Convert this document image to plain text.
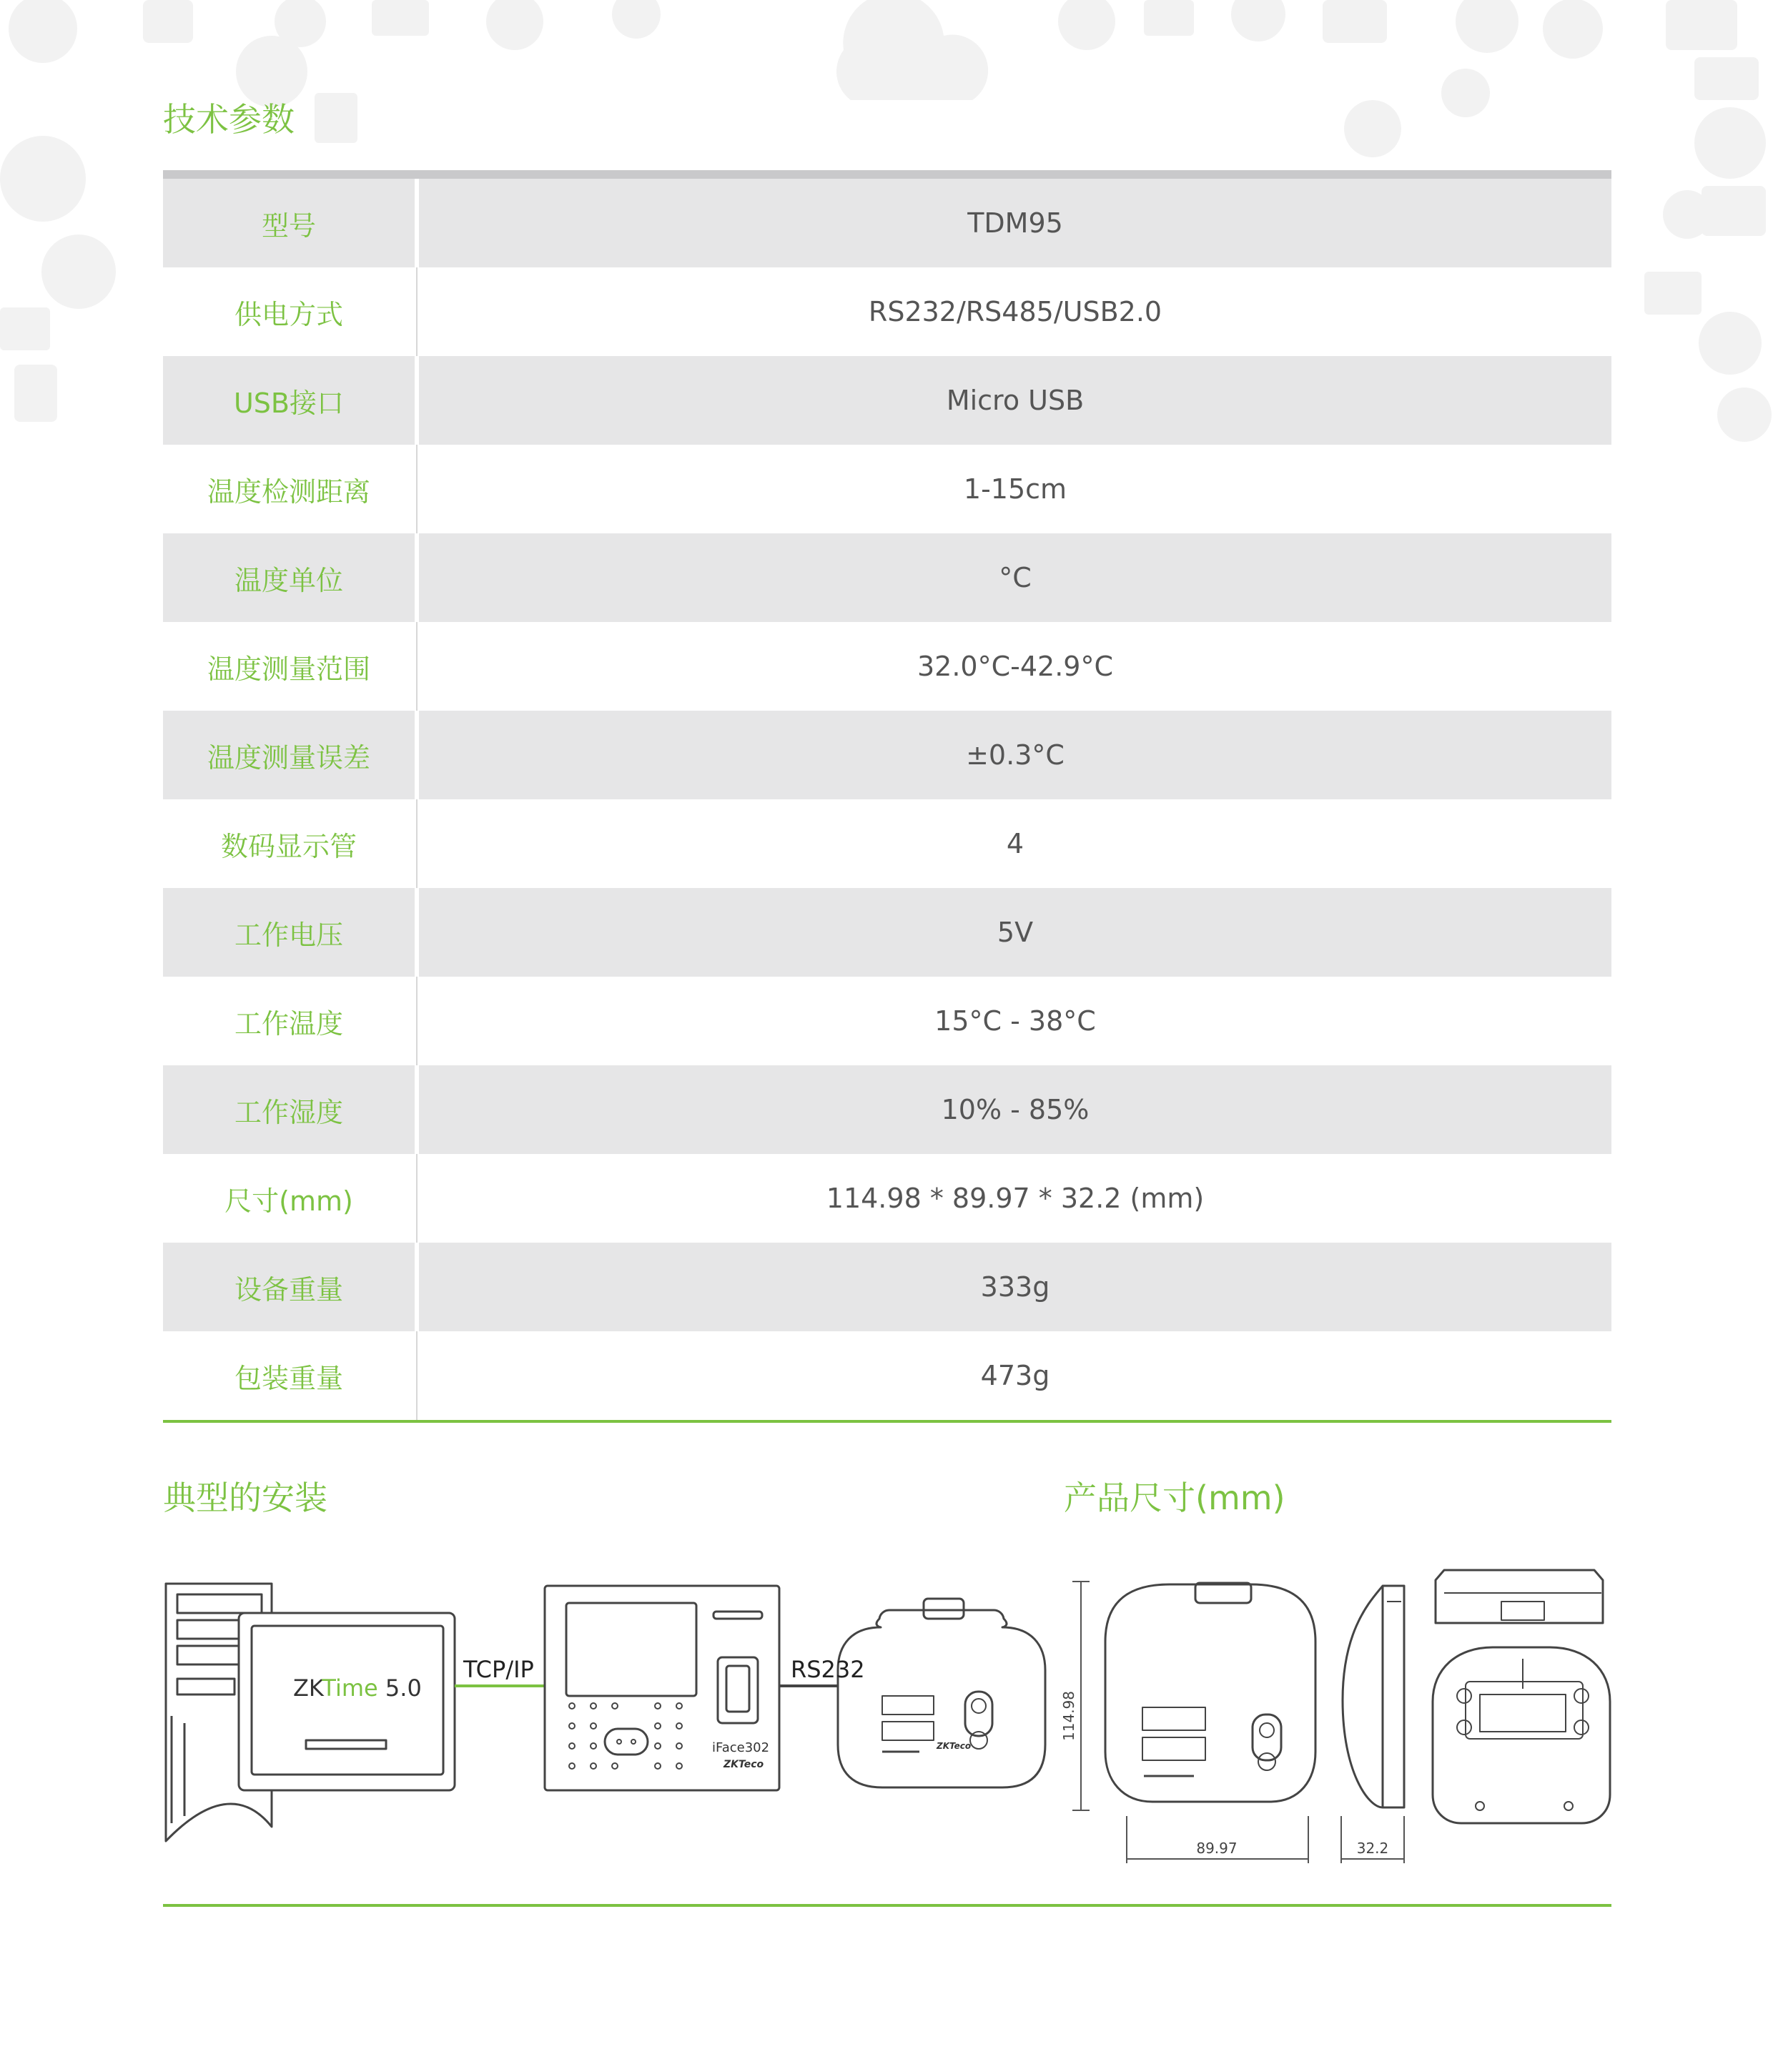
技术参数
型号	TDM95
供电方式	RS232/RS485/USB2.0
USB接口	Micro USB
温度检测距离	1-15cm
温度单位	°C
温度测量范围	32.0°C-42.9°C
温度测量误差	±0.3°C
数码显示管	4
工作电压	5V
工作温度	15°C - 38°C
工作湿度	10% - 85%
尺寸(mm)	114.98 * 89.97 * 32.2 (mm)
设备重量	333g
包装重量	473g
典型的安装	产品尺寸(mm)
ZKTime 5.0
TCP/IP	RS232
iFace302
ZKTeco
ZKTeco
114.98
89.97	32.2
